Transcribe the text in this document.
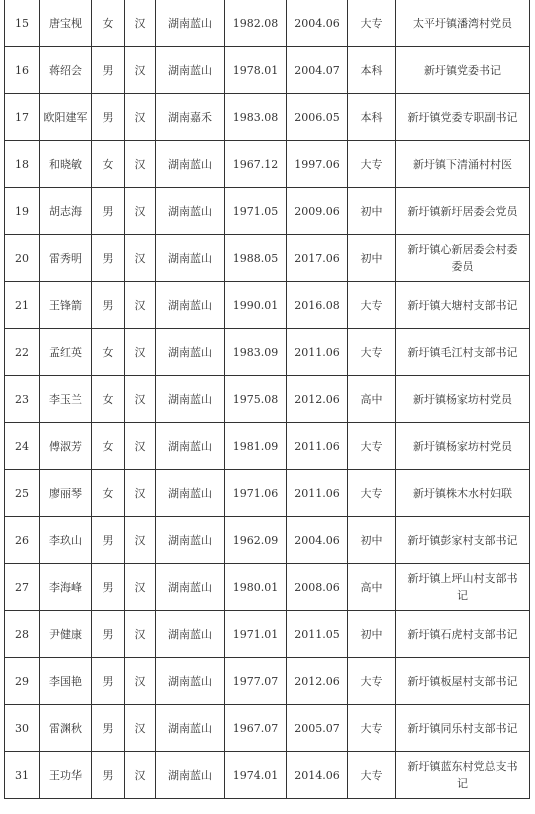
15	唐宝枧	女	汉	湖南蓝山	1982.08	2004.06	大专	太平圩镇潘湾村党员
16	蒋绍会	男	汉	湖南蓝山	1978.01	2004.07	本科	新圩镇党委书记
17	欧阳建军	男	汉	湖南嘉禾	1983.08	2006.05	本科	新圩镇党委专职副书记
18	和晓敏	女	汉	湖南蓝山	1967.12	1997.06	大专	新圩镇下清涌村村医
19	胡志海	男	汉	湖南蓝山	1971.05	2009.06	初中	新圩镇新圩居委会党员
20	雷秀明	男	汉	湖南蓝山	1988.05	2017.06	初中	新圩镇心新居委会村委委员
21	王锋箭	男	汉	湖南蓝山	1990.01	2016.08	大专	新圩镇大塘村支部书记
22	孟红英	女	汉	湖南蓝山	1983.09	2011.06	大专	新圩镇毛江村支部书记
23	李玉兰	女	汉	湖南蓝山	1975.08	2012.06	高中	新圩镇杨家坊村党员
24	傅淑芳	女	汉	湖南蓝山	1981.09	2011.06	大专	新圩镇杨家坊村党员
25	廖丽琴	女	汉	湖南蓝山	1971.06	2011.06	大专	新圩镇株木水村妇联
26	李玖山	男	汉	湖南蓝山	1962.09	2004.06	初中	新圩镇彭家村支部书记
27	李海峰	男	汉	湖南蓝山	1980.01	2008.06	高中	新圩镇上坪山村支部书记
28	尹健康	男	汉	湖南蓝山	1971.01	2011.05	初中	新圩镇石虎村支部书记
29	李国艳	男	汉	湖南蓝山	1977.07	2012.06	大专	新圩镇板屋村支部书记
30	雷渊秋	男	汉	湖南蓝山	1967.07	2005.07	大专	新圩镇同乐村支部书记
31	王功华	男	汉	湖南蓝山	1974.01	2014.06	大专	新圩镇蓝东村党总支书记
